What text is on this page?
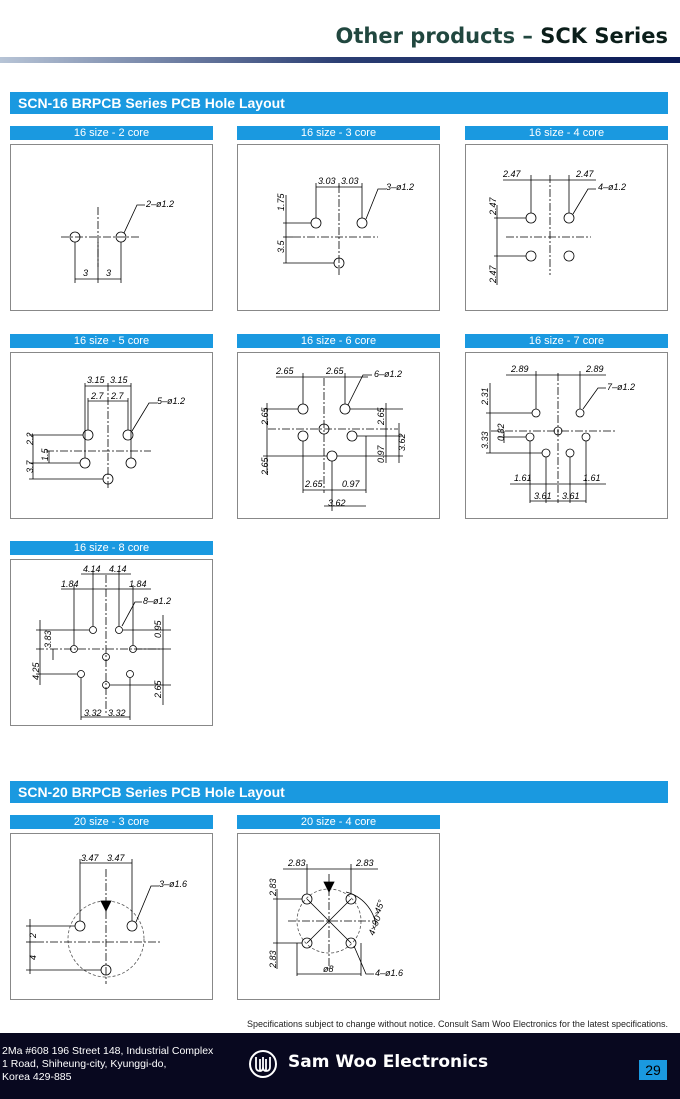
Other products – SCK Series
SCN-16 BRPCB Series PCB Hole Layout
16 size - 2 core	16 size - 3 core	16 size - 4 core
3 3
2–ø1.2
3.03 3.03
3–ø1.2
1.75
3.5
2.47	2.47
4–ø1.2
2.47
2.47
16 size - 5 core	16 size - 6 core	16 size - 7 core
3.15 3.15
2.7 2.7	5–ø1.2
2.2
3.7
1.5
2.65	2.65	6–ø1.2
2.65
2.65
2.65
0.97
3.62
2.65 0.97
3.62
2.89	2.89
7–ø1.2
2.31
3.33 0.82
1.61	1.61
3.61 3.61
16 size - 8 core
4.14 4.14
1.84	1.84
8–ø1.2
3.83
4.25
0.95
2.65
3.32 3.32
SCN-20 BRPCB Series PCB Hole Layout
20 size - 3 core	20 size - 4 core
3.47 3.47
3–ø1.6
2
4
2.83	2.83
2.83
2.83
ø8
4×90°
45°
4–ø1.6
Specifications subject to change without notice. Consult Sam Woo Electronics for the latest specifications.
2Ma #608 196 Street 148, Industrial Complex
1 Road, Shiheung-city, Kyunggi-do,
Korea 429-885
Sam Woo Electronics	29
